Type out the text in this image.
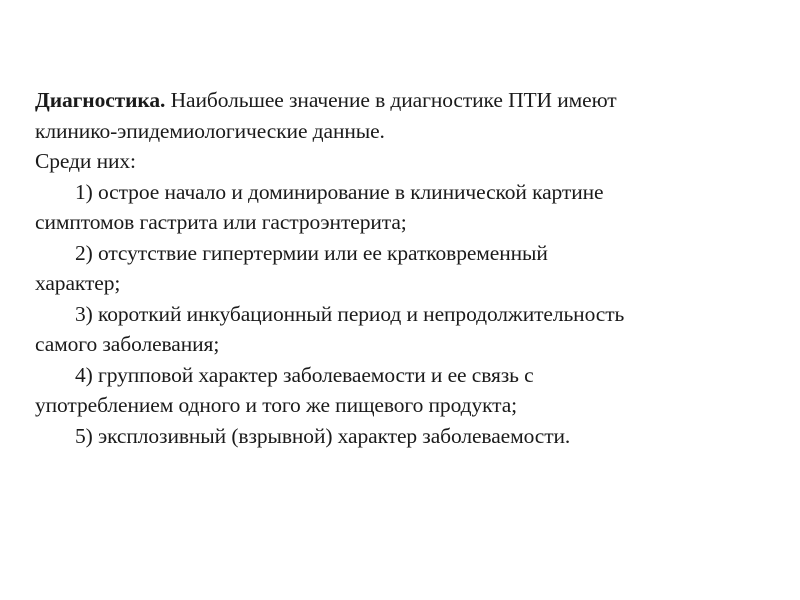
Диагностика. Наибольшее значение в диагностике ПТИ имеют
клинико-эпидемиологические данные.
Среди них:
1) острое начало и доминирование в клинической картине
симптомов гастрита или гастроэнтерита;
2) отсутствие гипертермии или ее кратковременный
характер;
3) короткий инкубационный период и непродолжительность
самого заболевания;
4) групповой характер заболеваемости и ее связь с
употреблением одного и того же пищевого продукта;
5) эксплозивный (взрывной) характер заболеваемости.
